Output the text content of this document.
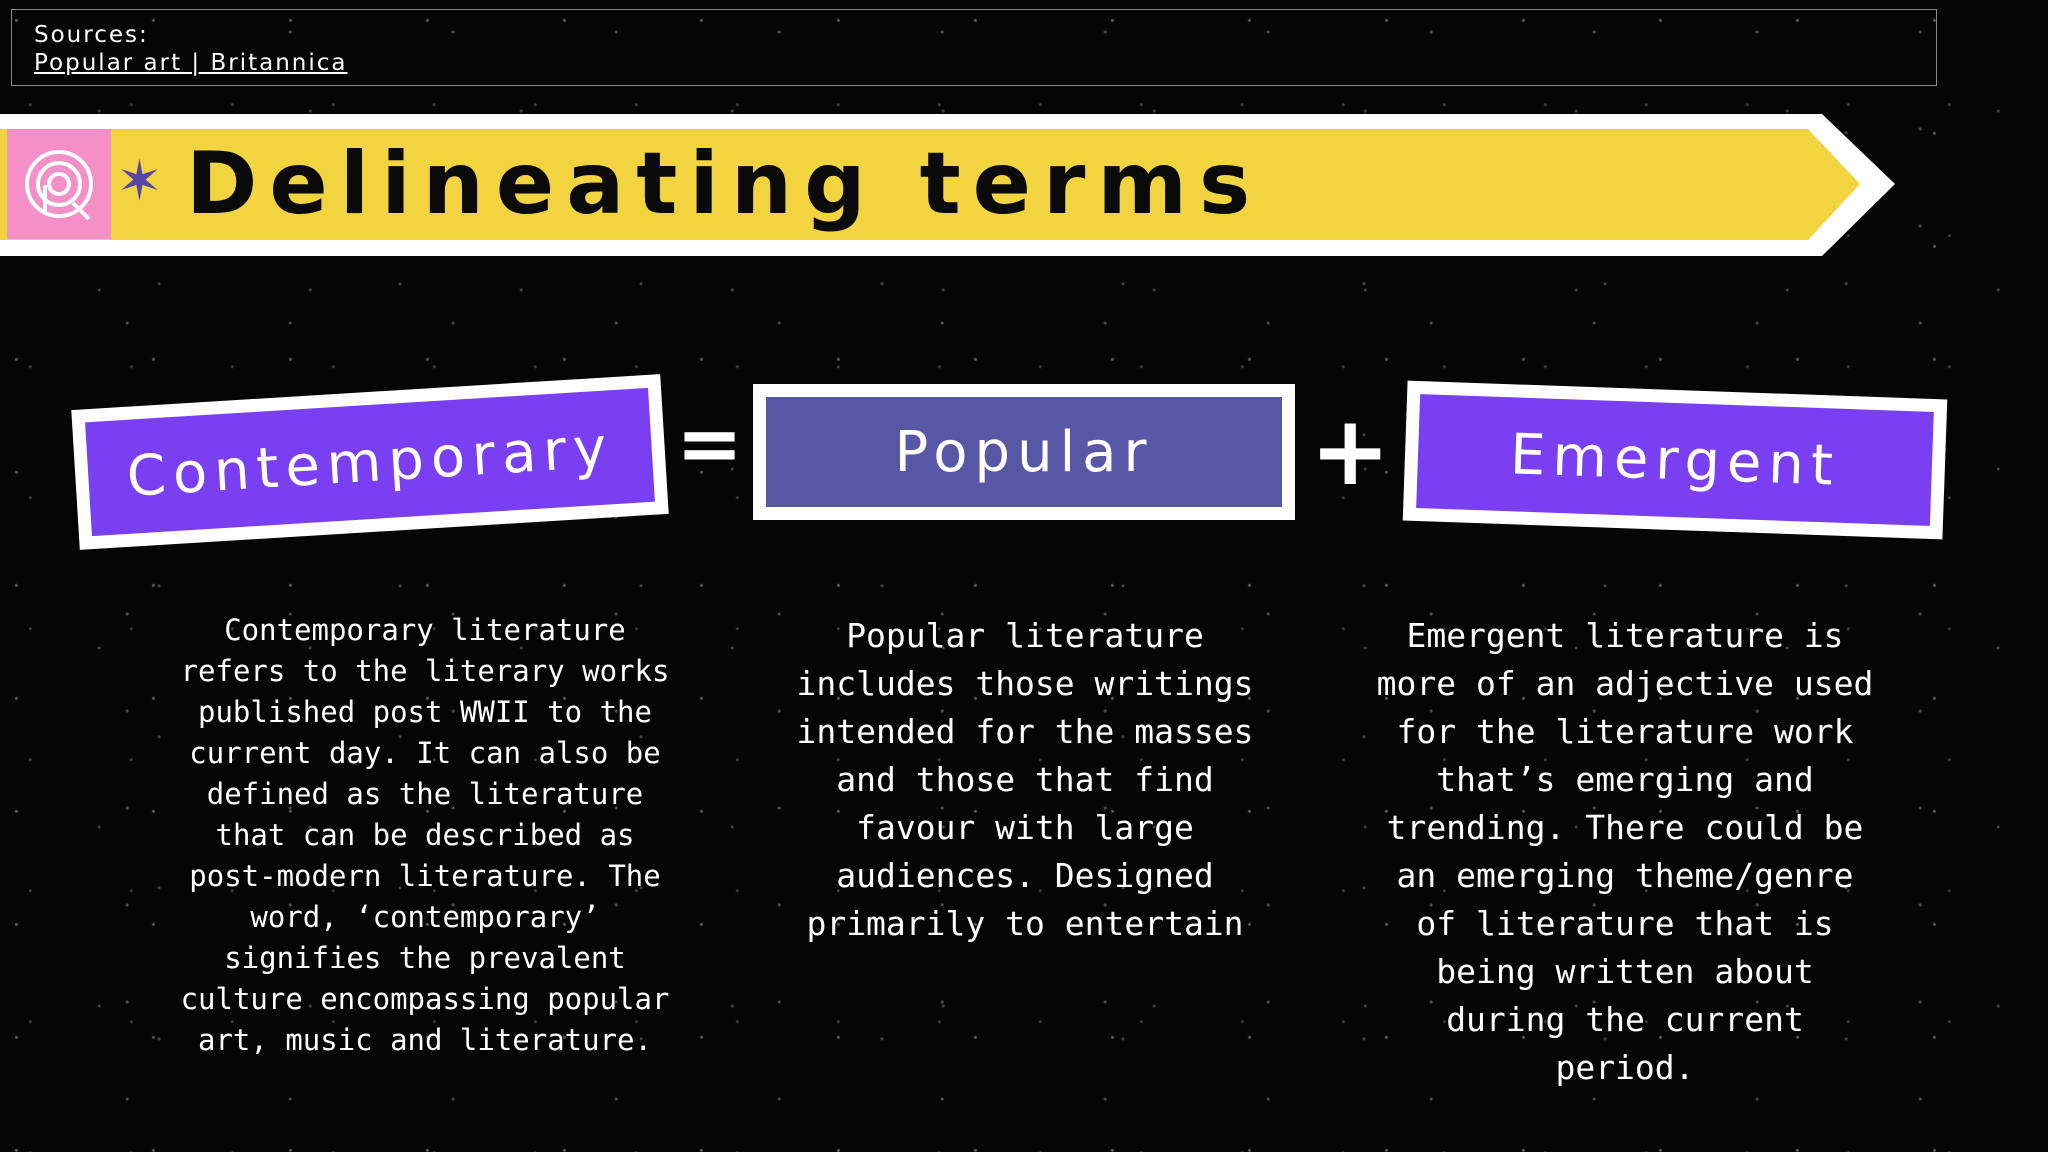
Sources:
Popular art | Britannica
✶ Delineating terms
Contemporary =	Popular	+	Emergent
Contemporary literature refers to the literary works published post WWII to the current day. It can also be defined as the literature that can be described as post-modern literature. The word, ‘contemporary’ signifies the prevalent culture encompassing popular art, music and literature.
Popular literature includes those writings intended for the masses and those that find favour with large audiences. Designed primarily to entertain
Emergent literature is more of an adjective used for the literature work that’s emerging and trending. There could be an emerging theme/genre of literature that is being written about during the current period.
